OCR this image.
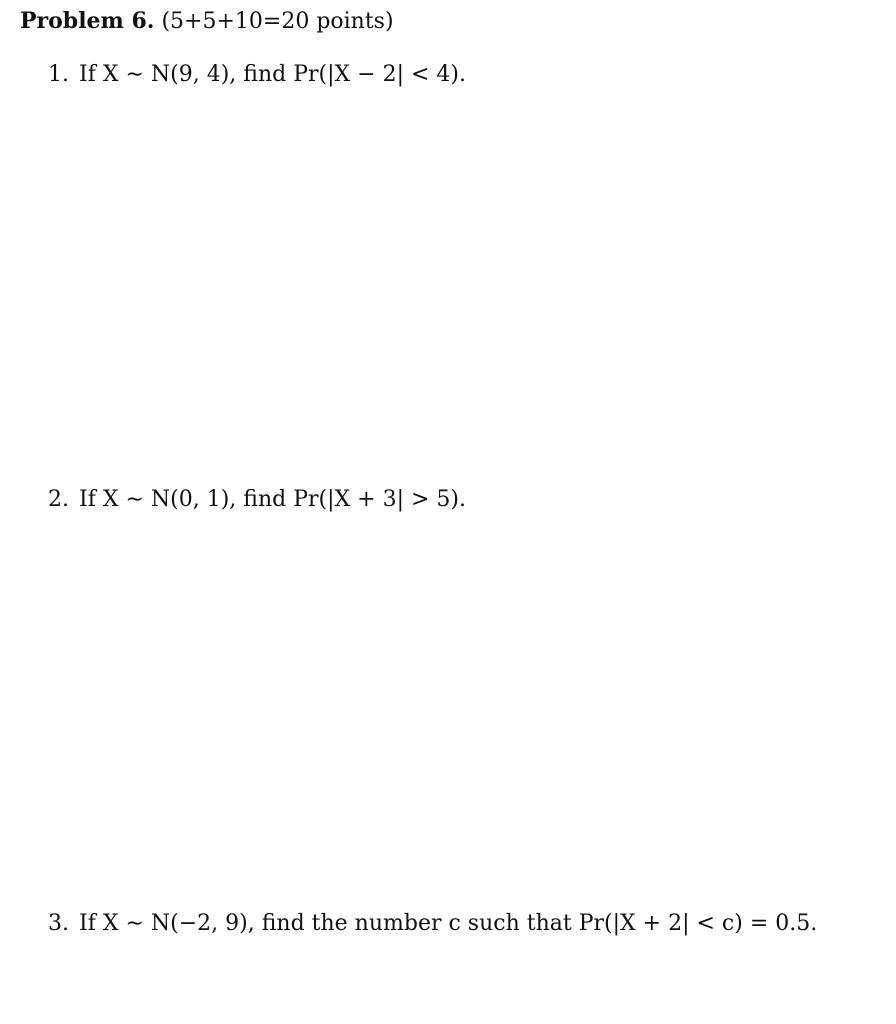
Problem 6. (5+5+10=20 points)
1. If X ∼ N(9, 4), find Pr(|X − 2| < 4).
2. If X ∼ N(0, 1), find Pr(|X + 3| > 5).
3. If X ∼ N(−2, 9), find the number c such that Pr(|X + 2| < c) = 0.5.
